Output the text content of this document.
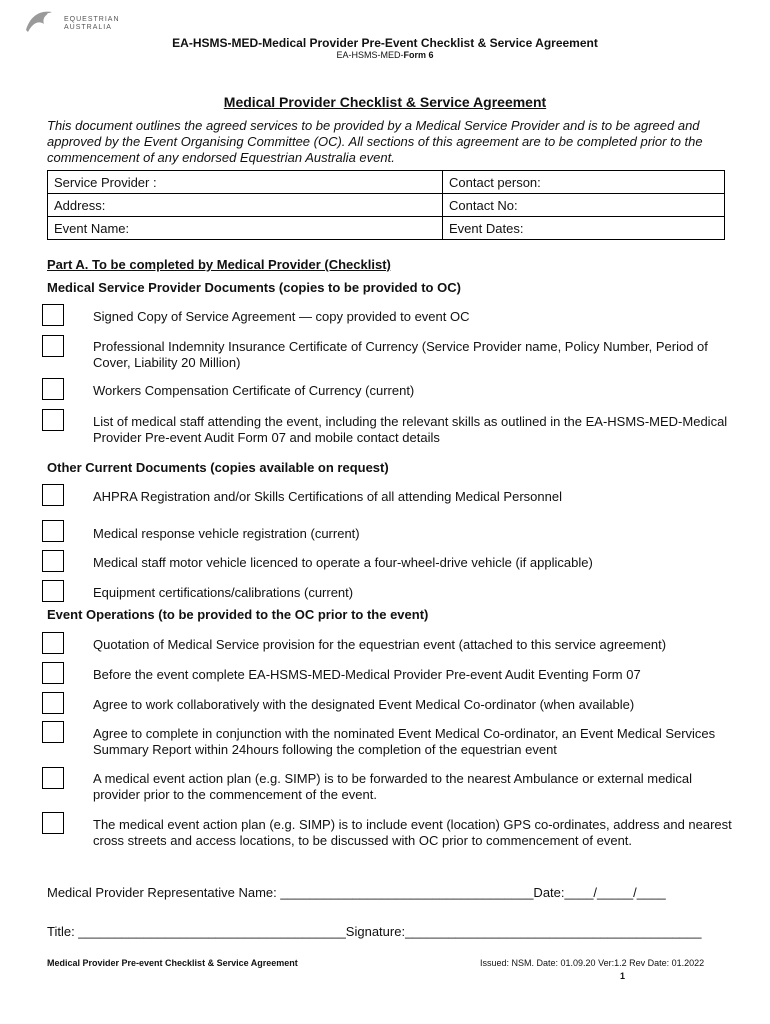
EQUESTRIAN
AUSTRALIA
EA-HSMS-MED-Medical Provider Pre-Event Checklist & Service Agreement
EA-HSMS-MED-Form 6
Medical Provider Checklist & Service Agreement
This document outlines the agreed services to be provided by a Medical Service Provider and is to be agreed and approved by the Event Organising Committee (OC). All sections of this agreement are to be completed prior to the commencement of any endorsed Equestrian Australia event.
Service Provider :	Contact person:
Address:	Contact No:
Event Name:	Event Dates:
Part A. To be completed by Medical Provider (Checklist)
Medical Service Provider Documents (copies to be provided to OC)
Signed Copy of Service Agreement — copy provided to event OC
Professional Indemnity Insurance Certificate of Currency (Service Provider name, Policy Number, Period of Cover, Liability 20 Million)
Workers Compensation Certificate of Currency (current)
List of medical staff attending the event, including the relevant skills as outlined in the EA-HSMS-MED-Medical Provider Pre-event Audit Form 07 and mobile contact details
Other Current Documents (copies available on request)
AHPRA Registration and/or Skills Certifications of all attending Medical Personnel
Medical response vehicle registration (current)
Medical staff motor vehicle licenced to operate a four-wheel-drive vehicle (if applicable)
Equipment certifications/calibrations (current)
Event Operations (to be provided to the OC prior to the event)
Quotation of Medical Service provision for the equestrian event (attached to this service agreement)
Before the event complete EA-HSMS-MED-Medical Provider Pre-event Audit Eventing Form 07
Agree to work collaboratively with the designated Event Medical Co-ordinator (when available)
Agree to complete in conjunction with the nominated Event Medical Co-ordinator, an Event Medical Services Summary Report within 24hours following the completion of the equestrian event
A medical event action plan (e.g. SIMP) is to be forwarded to the nearest Ambulance or external medical provider prior to the commencement of the event.
The medical event action plan (e.g. SIMP) is to include event (location) GPS co-ordinates, address and nearest cross streets and access locations, to be discussed with OC prior to commencement of event.
Medical Provider Representative Name: ___________________________________Date:____/_____/____
Title: _____________________________________Signature:_________________________________________
Medical Provider Pre-event Checklist & Service Agreement	Issued: NSM. Date: 01.09.20 Ver:1.2 Rev Date: 01.2022
1
